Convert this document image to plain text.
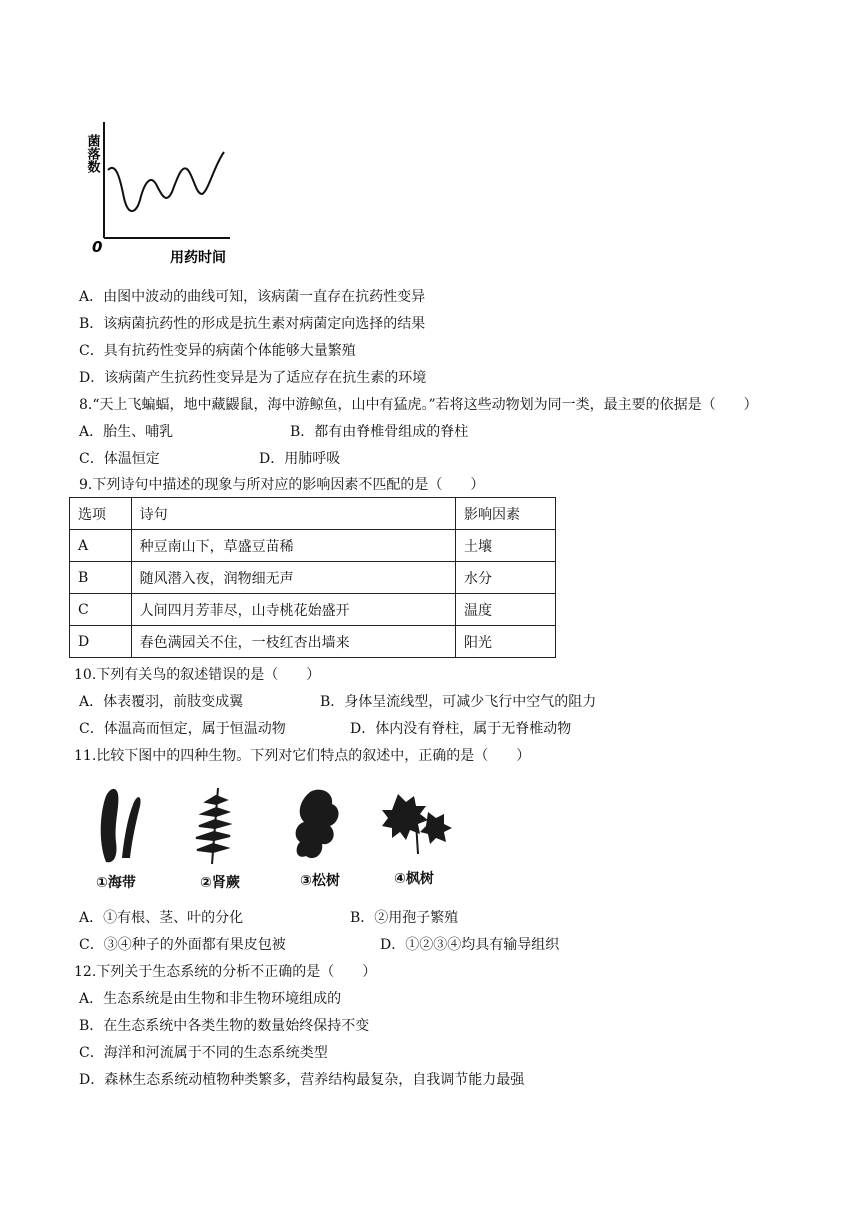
菌落数
0
用药时间
A．由图中波动的曲线可知，该病菌一直存在抗药性变异
B．该病菌抗药性的形成是抗生素对病菌定向选择的结果
C．具有抗药性变异的病菌个体能够大量繁殖
D．该病菌产生抗药性变异是为了适应存在抗生素的环境
8.“天上飞蝙蝠，地中藏鼹鼠，海中游鲸鱼，山中有猛虎。”若将这些动物划为同一类，最主要的依据是（　　）
A．胎生、哺乳	B．都有由脊椎骨组成的脊柱
C．体温恒定	D．用肺呼吸
9.下列诗句中描述的现象与所对应的影响因素不匹配的是（　　）
选项	诗句	影响因素
A	种豆南山下，草盛豆苗稀	土壤
B	随风潜入夜，润物细无声	水分
C	人间四月芳菲尽，山寺桃花始盛开	温度
D	春色满园关不住，一枝红杏出墙来	阳光
10.下列有关鸟的叙述错误的是（　　）
A．体表覆羽，前肢变成翼	B．身体呈流线型，可减少飞行中空气的阻力
C．体温高而恒定，属于恒温动物	D．体内没有脊柱，属于无脊椎动物
11.比较下图中的四种生物。下列对它们特点的叙述中，正确的是（　　）
①海带	②肾蕨	③松树	④枫树
A．①有根、茎、叶的分化	B．②用孢子繁殖
C．③④种子的外面都有果皮包被	D．①②③④均具有输导组织
12.下列关于生态系统的分析不正确的是（　　）
A．生态系统是由生物和非生物环境组成的
B．在生态系统中各类生物的数量始终保持不变
C．海洋和河流属于不同的生态系统类型
D．森林生态系统动植物种类繁多，营养结构最复杂，自我调节能力最强
